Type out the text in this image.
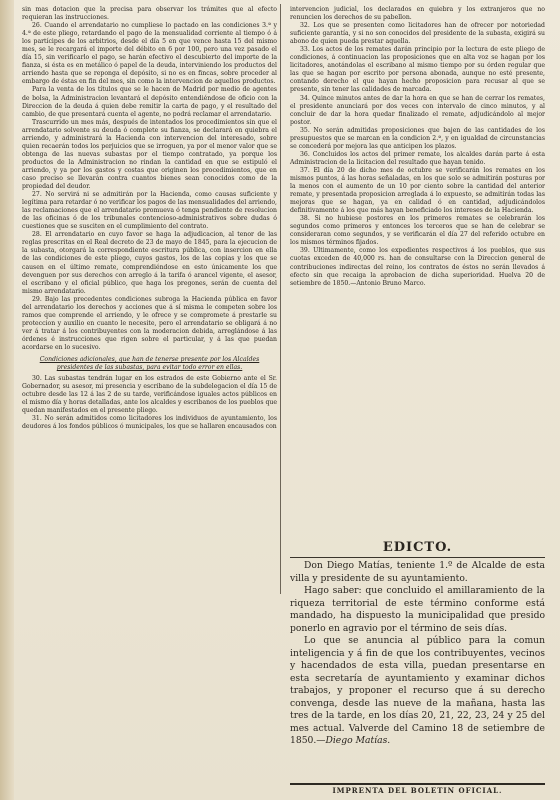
sin mas dotacion que la precisa para observar los trámites que al efecto requieran las instrucciones.

26. Cuando el arrendatario no cumpliese lo pactado en las condiciones 3.ª y 4.ª de este pliego, retardando el pago de la mensualidad corriente al tiempo ó á los partícipes de los arbitrios, desde el día 5 en que vence hasta 15 del mismo mes, se le recargará el importe del débito en 6 por 100, pero una vez pasado el día 15, sin verificarlo el pago, se harán efectivo el descubierto del importe de la fianza, si ésta es en metálico ó papel de la deuda, interviniendo los productos del arriendo hasta que se reponga el depósito, si no es en fincas, sobre proceder al embargo de éstas en fin del mes, sin como la intervencion de aquellos productos.

Para la venta de los títulos que se le hacen de Madrid por medio de agentes de bolsa, la Administracion levantará el depósito entendiéndose de oficio con la Direccion de la deuda á quien debe remitir la carta de pago, y el resultado del cambio, de que presentará cuenta el agente, no podrá reclamar el arrendatario.

Trascurrido un mes más, después de intentados los procedimientos sin que el arrendatario solvente su deuda ó complete su fianza, se declarará en quiebra el arriendo, y administrará la Hacienda con intervencion del interesado, sobre quien recaerán todos los perjuicios que se irroguen, ya por el menor valor que se obtenga de las nuevas subastas por el tiempo contratado, ya porque los productos de la Administracion no rindan la cantidad en que se estipuló el arriendo, y ya por los gastos y costas que originen los procedimientos, que en caso preciso se llevarán contra cuantos bienes sean conocidos como de la propiedad del deudor.

27. No servirá ni se admitirán por la Hacienda, como causas suficiente y legítima para retardar ó no verificar los pagos de las mensualidades del arriendo, las reclamaciones que el arrendatario promueva ó tenga pendiente de resolucion de las oficinas ó de los tribunales contencioso-administrativos sobre dudas ó cuestiones que se susciten en el cumplimiento del contrato.

28. El arrendatario en cuyo favor se haga la adjudicacion, al tenor de las reglas prescritas en el Real decreto de 23 de mayo de 1845, para la ejecucion de la subasta, otorgará la correspondiente escritura pública, con insercion en ella de las condiciones de este pliego, cuyos gastos, los de las copias y los que se causen en el último remate, comprendiéndose en esto únicamente los que devenguen por sus derechos con arreglo á la tarifa ó arancel vigente, el asesor, el escribano y el oficial público, que haga los pregones, serán de cuenta del mismo arrendatario.

29. Bajo las precedentes condiciones subroga la Hacienda pública en favor del arrendatario los derechos y acciones que á sí misma le competen sobre los ramos que comprende el arriendo, y le ofrece y se compromete á prestarle su proteccion y auxilio en cuanto le necesite, pero el arrendatario se obligará á no ver á tratar á los contribuyentes con la moderacion debida, arreglándose á las órdenes é instrucciones que rigen sobre el particular, y á las que puedan acordarse en lo sucesivo.

Condiciones adicionales, que han de tenerse presente por los Alcaldes presidentes de las subastas, para evitar todo error en ellas.

30. Las subastas tendrán lugar en los estrados de este Gobierno ante el Sr. Gobernador, su asesor, mi presencia y escribano de la subdelegacion el día 15 de octubre desde las 12 á las 2 de su tarde, verificándose iguales actos públicos en el mismo día y horas detalladas, ante los alcaldes y escribanos de los pueblos que quedan manifestados en el presente pliego.

31. No serán admitidos como licitadores los individuos de ayuntamiento, los deudores á los fondos públicos ó municipales, los que se hallaren encausados con

intervencion judicial, los declarados en quiebra y los extranjeros que no renuncien los derechos de su pabellon.

32. Los que se presenten como licitadores han de ofrecer por notoriedad suficiente garantía, y si no son conocidos del presidente de la subasta, exigirá su abono de quien pueda prestar aquella.

33. Los actos de los remates darán principio por la lectura de este pliego de condiciones, á continuacion las proposiciones que en alta voz se hagan por los licitadores, anotándolas el escribano al mismo tiempo por su órden regular que las que se hagan por escrito por persona abonada, aunque no esté presente, contando derecho el que hayan hecho proposicion para recusar al que se presente, sin tener las calidades de marcada.

34. Quince minutos antes de dar la hora en que se han de cerrar los remates, el presidente anunciará por dos veces con intervalo de cinco minutos, y al concluir de dar la hora quedar finalizado el remate, adjudicándolo al mejor postor.

35. No serán admitidas proposiciones que bajen de las cantidades de los presupuestos que se marcan en la condicion 2.ª, y en igualdad de circunstancias se concederá por mejora las que anticipen los plazos.

36. Concluidos los actos del primer remate, los alcaldes darán parte á esta Administracion de la licitacion del resultado que hayan tenido.

37. El día 20 de dicho mes de octubre se verificarán los remates en los mismos puntos, á las horas señaladas, en los que solo se admitirán posturas por la menos con el aumento de un 10 por ciento sobre la cantidad del anterior remate, y presentada proposicion arreglada á lo expuesto, se admitirán todas las mejoras que se hagan, ya en calidad ó en cantidad, adjudicándolos definitivamente á los que más hayan beneficiado los intereses de la Hacienda.

38. Si no hubiese postores en los primeros remates se celebrarán los segundos como primeros y entonces los terceros que se han de celebrar se consideraran como segundos, y se verificarán el día 27 del referido octubre en los mismos términos fijados.

39. Ultimamente, como los expedientes respectivos á los pueblos, que sus cuotas exceden de 40,000 rs. han de consultarse con la Direccion general de contribuciones indirectas del reino, los contratos de éstos no serán llevados á efecto sin que recaiga la aprobacion de dicha superioridad. Huelva 20 de setiembre de 1850.—Antonio Bruno Marco.

EDICTO.

Don Diego Matías, teniente 1.º de Alcalde de esta villa y presidente de su ayuntamiento.

Hago saber: que concluido el amillaramiento de la riqueza territorial de este término conforme está mandado, ha dispuesto la municipalidad que presido ponerlo en agravio por el término de seis días.

Lo que se anuncia al público para la comun inteligencia y á fin de que los contribuyentes, vecinos y hacendados de esta villa, puedan presentarse en esta secretaría de ayuntamiento y examinar dichos trabajos, y proponer el recurso que á su derecho convenga, desde las nueve de la mañana, hasta las tres de la tarde, en los días 20, 21, 22, 23, 24 y 25 del mes actual. Valverde del Camino 18 de setiembre de 1850.—Diego Matías.

IMPRENTA DEL BOLETIN OFICIAL.
